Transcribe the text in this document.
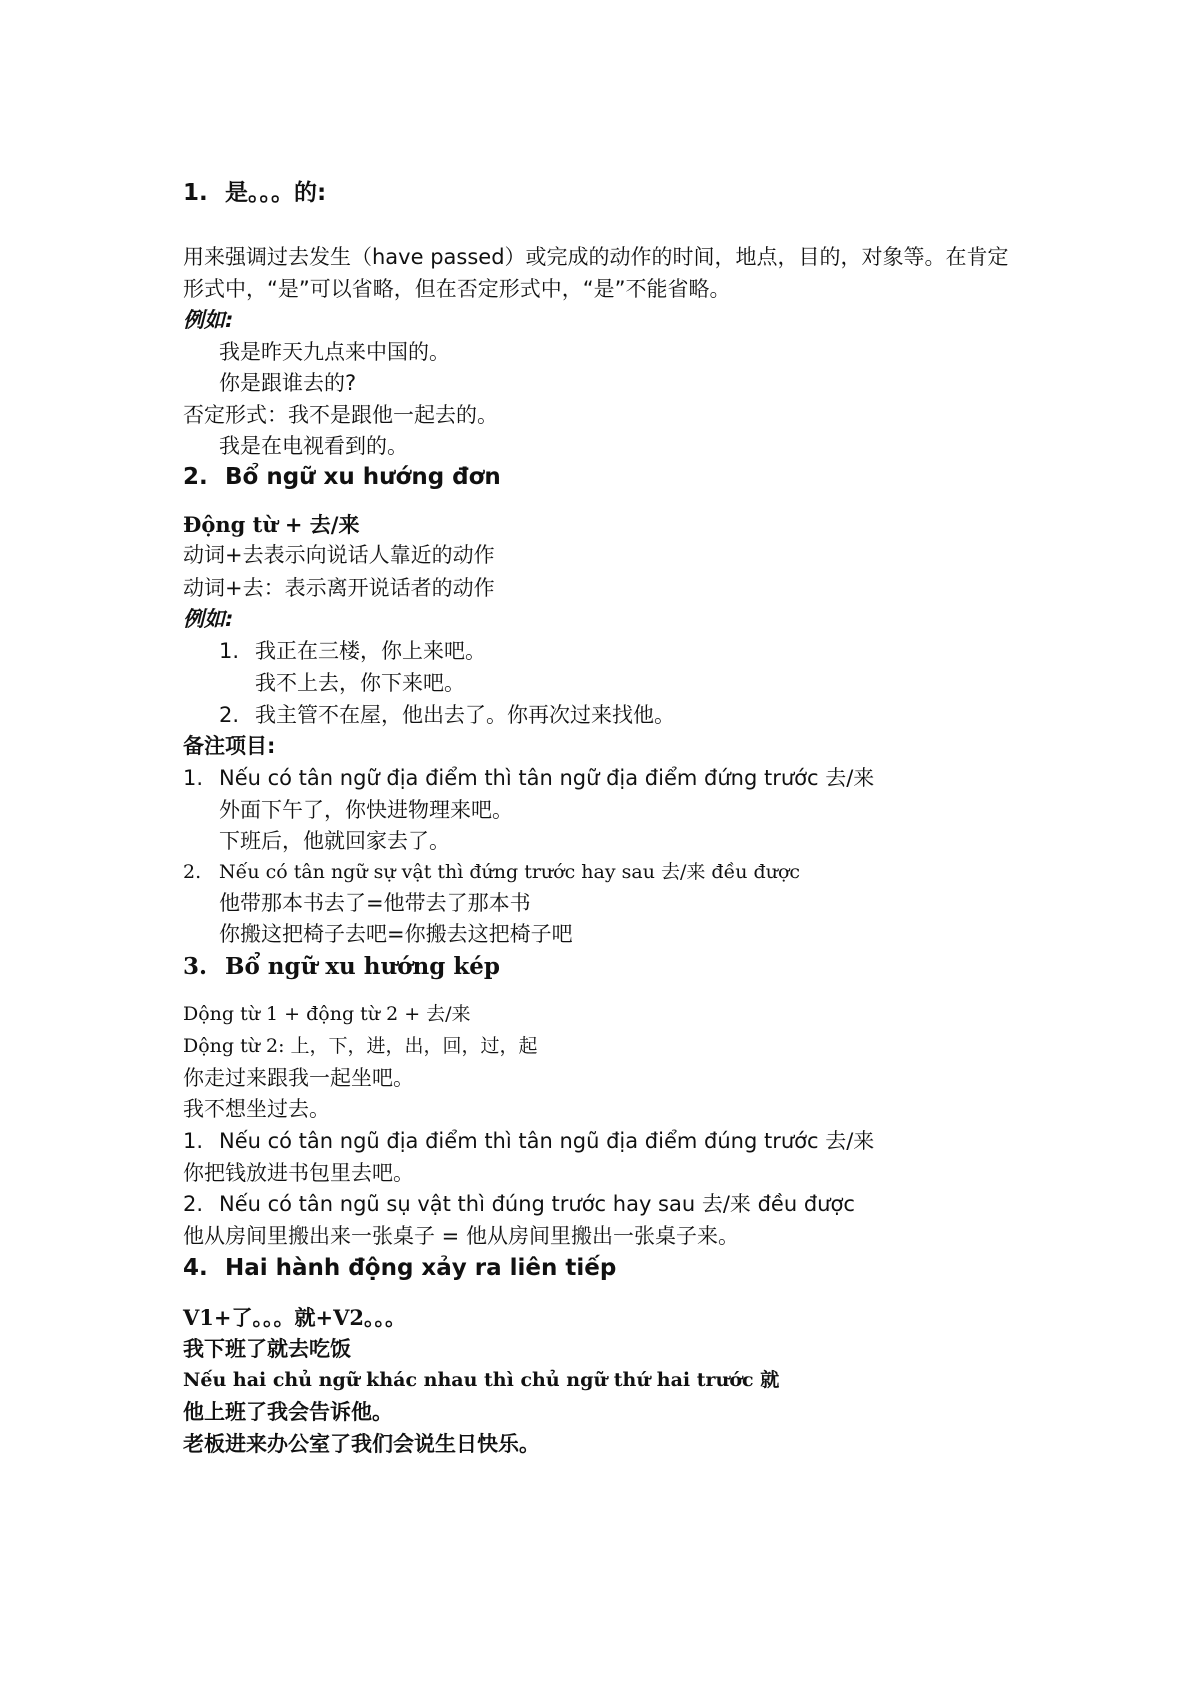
1. 是。。。的:
用来强调过去发生（have passed）或完成的动作的时间，地点，目的，对象等。在肯定
形式中，“是”可以省略，但在否定形式中，“是”不能省略。
例如:
我是昨天九点来中国的。
你是跟谁去的?
否定形式：我不是跟他一起去的。
我是在电视看到的。
2. Bổ ngữ xu hướng đơn
Động từ + 去/来
动词+去表示向说话人靠近的动作
动词+去：表示离开说话者的动作
例如:
1. 我正在三楼，你上来吧。
我不上去，你下来吧。
2. 我主管不在屋，他出去了。你再次过来找他。
备注项目:
1. Nếu có tân ngữ địa điểm thì tân ngữ địa điểm đứng trước 去/来
外面下午了，你快进物理来吧。
下班后，他就回家去了。
2. Nếu có tân ngữ sự vật thì đứng trước hay sau 去/来 đều được
他带那本书去了=他带去了那本书
你搬这把椅子去吧=你搬去这把椅子吧
3. Bổ ngữ xu hướng kép
Dộng từ 1 + động từ 2 + 去/来
Dộng từ 2: 上，下，进，出，回，过，起
你走过来跟我一起坐吧。
我不想坐过去。
1. Nếu có tân ngũ địa điểm thì tân ngũ địa điểm đúng trước 去/来
你把钱放进书包里去吧。
2. Nếu có tân ngũ sụ vật thì đúng trước hay sau 去/来 đều được
他从房间里搬出来一张桌子 = 他从房间里搬出一张桌子来。
4. Hai hành động xảy ra liên tiếp
V1+了。。。就+V2。。。
我下班了就去吃饭
Nếu hai chủ ngữ khác nhau thì chủ ngữ thứ hai trước 就
他上班了我会告诉他。
老板进来办公室了我们会说生日快乐。
